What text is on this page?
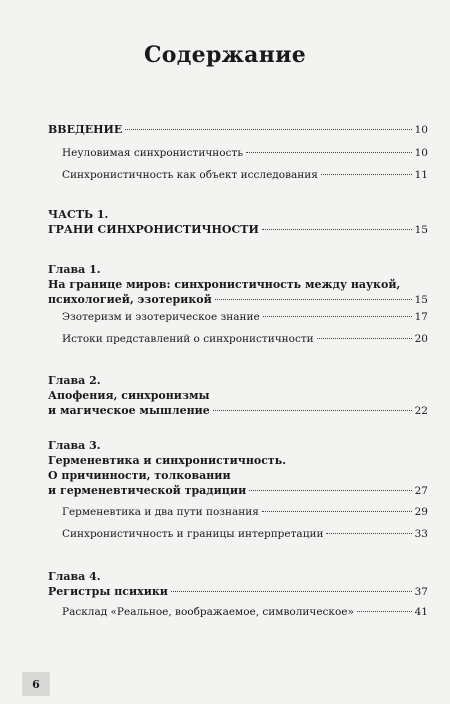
Содержание
ВВЕДЕНИЕ	10
Неуловимая синхронистичность	10
Синхронистичность как объект исследования	11
ЧАСТЬ 1.
ГРАНИ СИНХРОНИСТИЧНОСТИ	15
Глава 1.
На границе миров: синхронистичность между наукой,
психологией, эзотерикой	15
Эзотеризм и эзотерическое знание	17
Истоки представлений о синхронистичности	20
Глава 2.
Апофения, синхронизмы
и магическое мышление	22
Глава 3.
Герменевтика и синхронистичность.
О причинности, толковании
и герменевтической традиции	27
Герменевтика и два пути познания	29
Синхронистичность и границы интерпретации	33
Глава 4.
Регистры психики	37
Расклад «Реальное, воображаемое, символическое»	41
6
